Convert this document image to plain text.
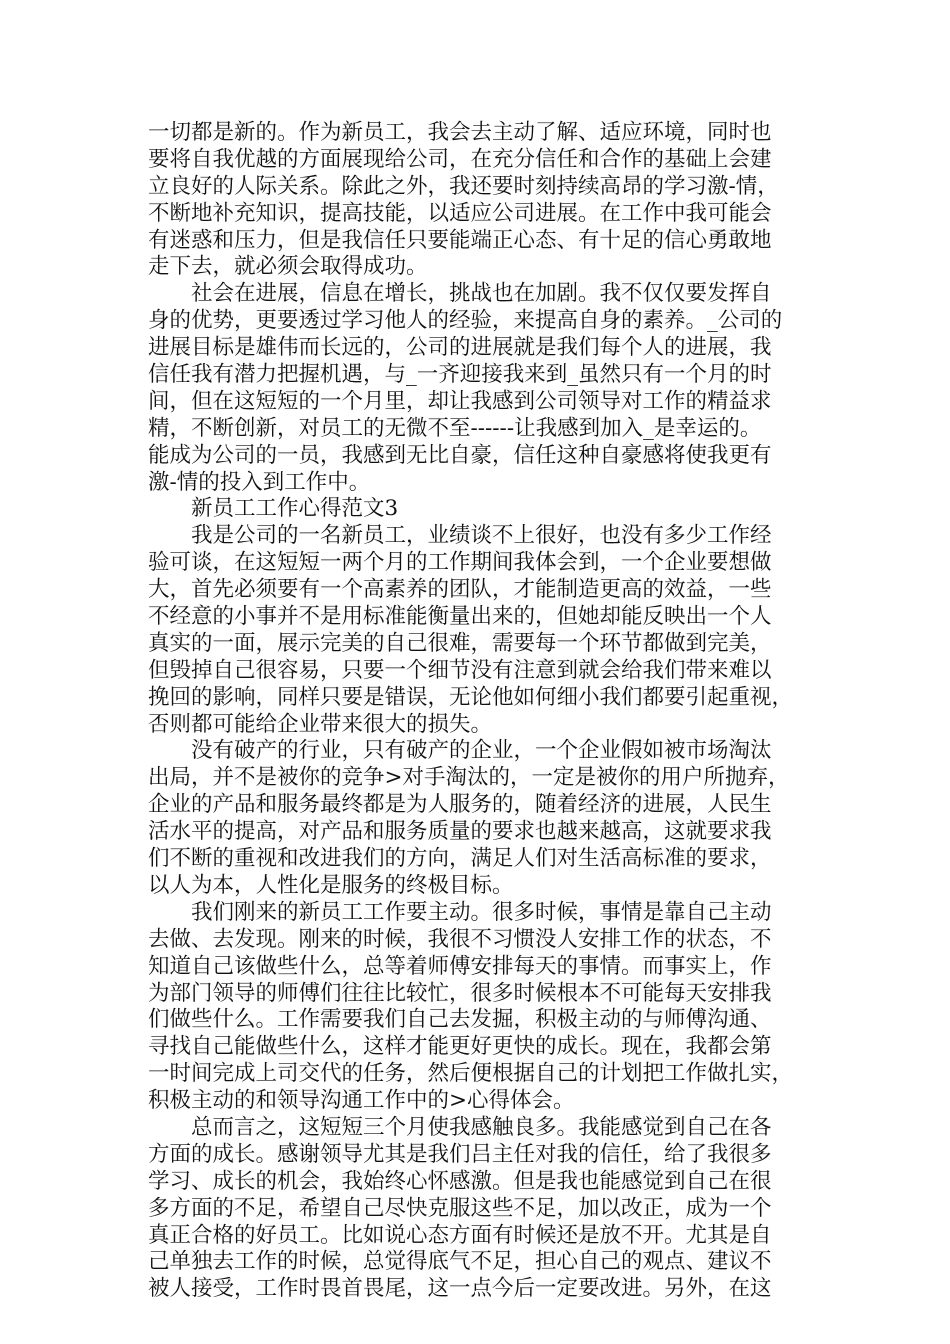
一切都是新的。作为新员工，我会去主动了解、适应环境，同时也
要将自我优越的方面展现给公司，在充分信任和合作的基础上会建
立良好的人际关系。除此之外，我还要时刻持续高昂的学习激-情，
不断地补充知识，提高技能，以适应公司进展。在工作中我可能会
有迷惑和压力，但是我信任只要能端正心态、有十足的信心勇敢地
走下去，就必须会取得成功。
　　社会在进展，信息在增长，挑战也在加剧。我不仅仅要发挥自
身的优势，更要透过学习他人的经验，来提高自身的素养。_公司的
进展目标是雄伟而长远的，公司的进展就是我们每个人的进展，我
信任我有潜力把握机遇，与_一齐迎接我来到_虽然只有一个月的时
间，但在这短短的一个月里，却让我感到公司领导对工作的精益求
精，不断创新，对员工的无微不至------让我感到加入_是幸运的。
能成为公司的一员，我感到无比自豪，信任这种自豪感将使我更有
激-情的投入到工作中。
　　新员工工作心得范文3
　　我是公司的一名新员工，业绩谈不上很好，也没有多少工作经
验可谈，在这短短一两个月的工作期间我体会到，一个企业要想做
大，首先必须要有一个高素养的团队，才能制造更高的效益，一些
不经意的小事并不是用标准能衡量出来的，但她却能反映出一个人
真实的一面，展示完美的自己很难，需要每一个环节都做到完美，
但毁掉自己很容易，只要一个细节没有注意到就会给我们带来难以
挽回的影响，同样只要是错误，无论他如何细小我们都要引起重视，
否则都可能给企业带来很大的损失。
　　没有破产的行业，只有破产的企业，一个企业假如被市场淘汰
出局，并不是被你的竞争>对手淘汰的，一定是被你的用户所抛弃，
企业的产品和服务最终都是为人服务的，随着经济的进展，人民生
活水平的提高，对产品和服务质量的要求也越来越高，这就要求我
们不断的重视和改进我们的方向，满足人们对生活高标准的要求，
以人为本，人性化是服务的终极目标。
　　我们刚来的新员工工作要主动。很多时候，事情是靠自己主动
去做、去发现。刚来的时候，我很不习惯没人安排工作的状态，不
知道自己该做些什么，总等着师傅安排每天的事情。而事实上，作
为部门领导的师傅们往往比较忙，很多时候根本不可能每天安排我
们做些什么。工作需要我们自己去发掘，积极主动的与师傅沟通、
寻找自己能做些什么，这样才能更好更快的成长。现在，我都会第
一时间完成上司交代的任务，然后便根据自己的计划把工作做扎实，
积极主动的和领导沟通工作中的>心得体会。
　　总而言之，这短短三个月使我感触良多。我能感觉到自己在各
方面的成长。感谢领导尤其是我们吕主任对我的信任，给了我很多
学习、成长的机会，我始终心怀感激。但是我也能感觉到自己在很
多方面的不足，希望自己尽快克服这些不足，加以改正，成为一个
真正合格的好员工。比如说心态方面有时候还是放不开。尤其是自
己单独去工作的时候，总觉得底气不足，担心自己的观点、建议不
被人接受，工作时畏首畏尾，这一点今后一定要改进。另外，在这
